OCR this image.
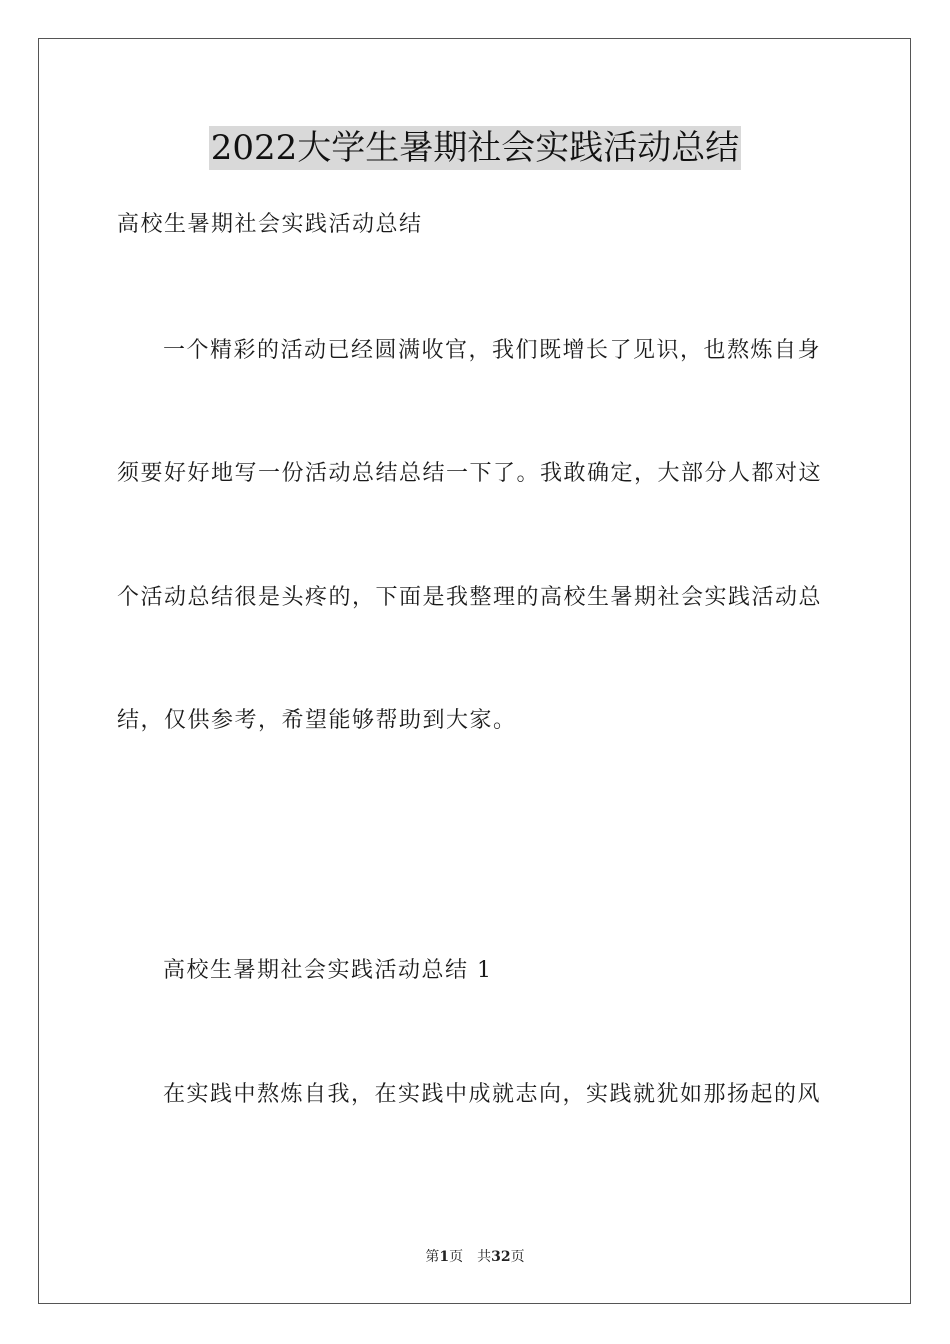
2022大学生暑期社会实践活动总结
高校生暑期社会实践活动总结
一个精彩的活动已经圆满收官，我们既增长了见识，也熬炼自身
须要好好地写一份活动总结总结一下了。我敢确定，大部分人都对这
个活动总结很是头疼的，下面是我整理的高校生暑期社会实践活动总
结，仅供参考，希望能够帮助到大家。
高校生暑期社会实践活动总结 1
在实践中熬炼自我，在实践中成就志向，实践就犹如那扬起的风
第1页 共32页
